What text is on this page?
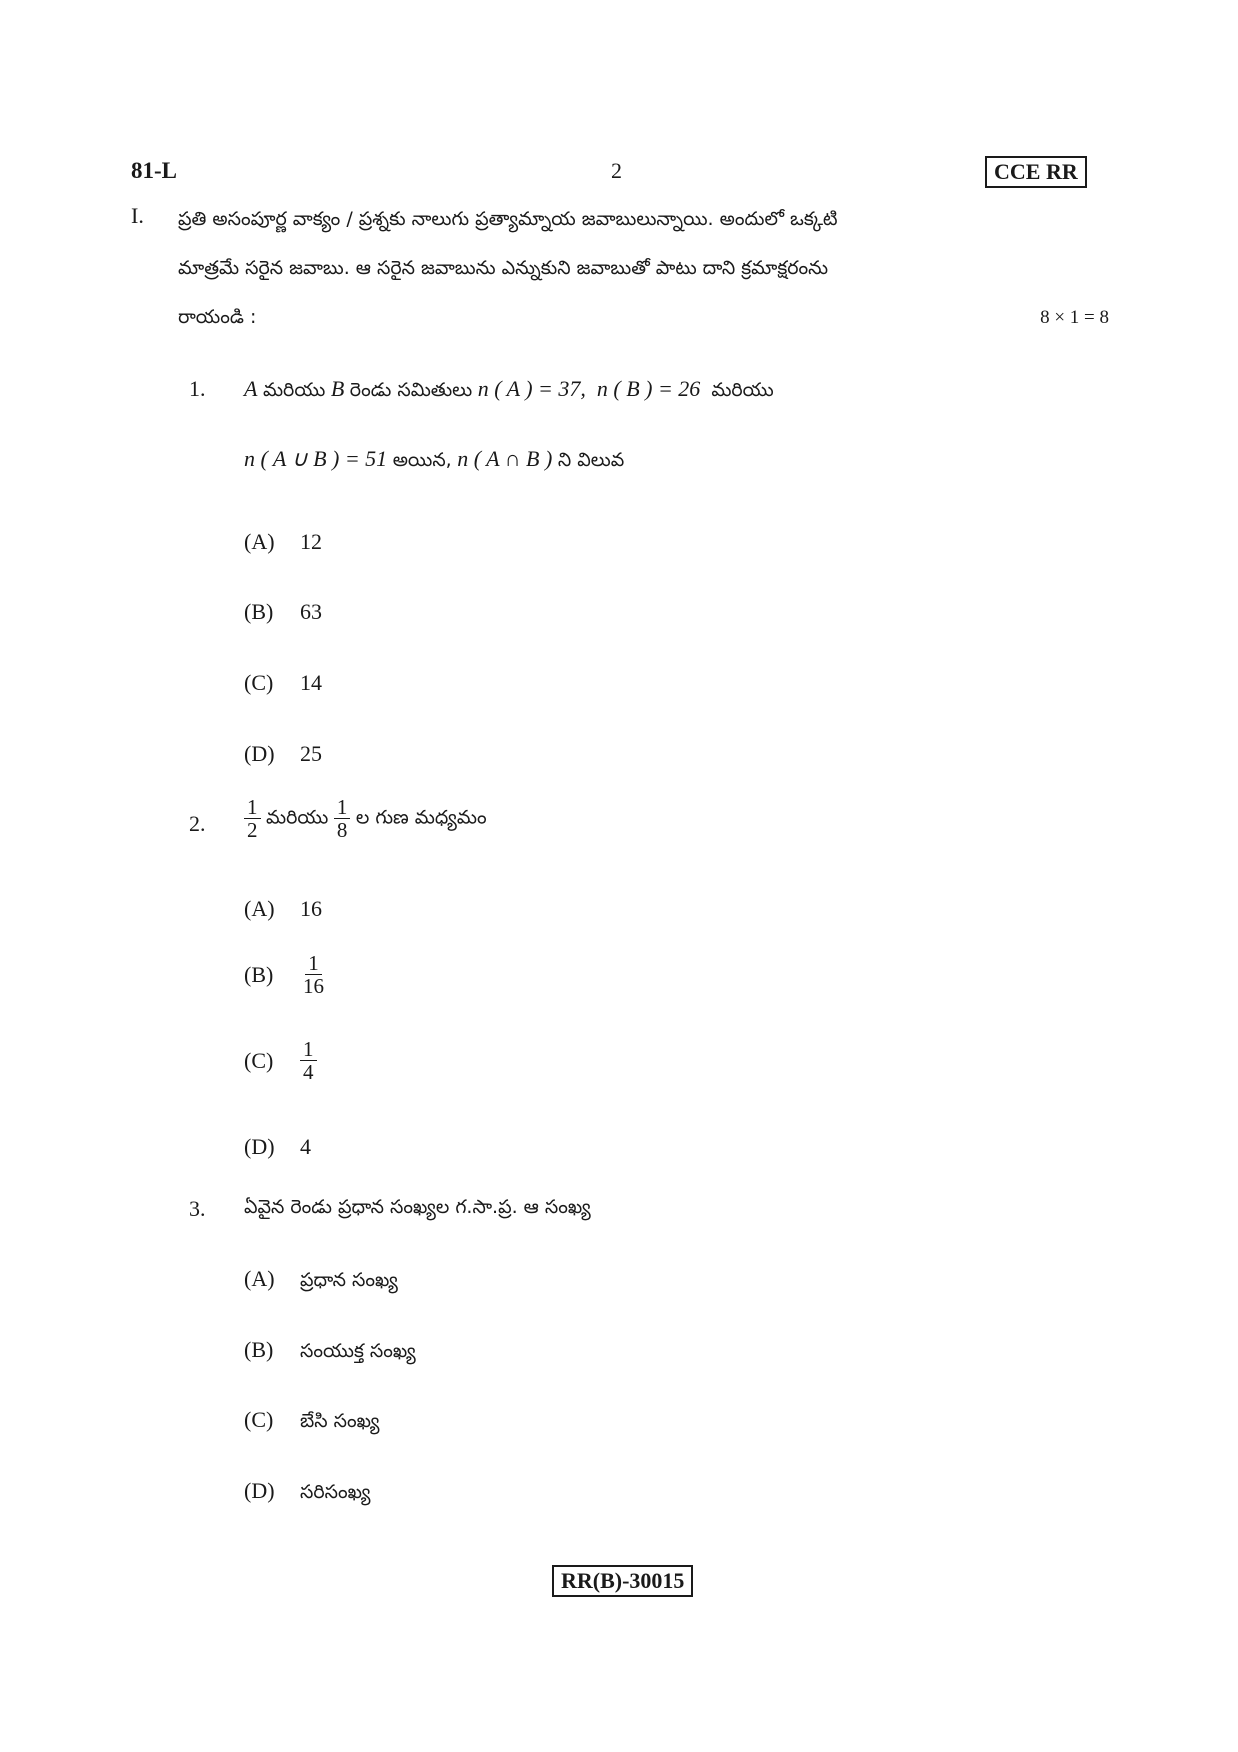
81-L	2	CCE RR
I. ప్రతి అసంపూర్ణ వాక్యం / ప్రశ్నకు నాలుగు ప్రత్యామ్నాయ జవాబులున్నాయి. అందులో ఒక్కటి
మాత్రమే సరైన జవాబు. ఆ సరైన జవాబును ఎన్నుకుని జవాబుతో పాటు దాని క్రమాక్షరంను
రాయండి :	8 × 1 = 8
1. A మరియు B రెండు సమితులు n ( A ) = 37, n ( B ) = 26 మరియు
n ( A ∪ B ) = 51 అయిన, n ( A ∩ B ) ని విలువ
(A) 12
(B) 63
(C) 14
(D) 25
2. $\frac{1}{2}$ మరియు $\frac{1}{8}$ ల గుణ మధ్యమం
(A) 16
$(B) \frac{1}{16}$
$(C) \frac{1}{4}$
(D) 4
3. ఏవైన రెండు ప్రధాన సంఖ్యల గ.సా.ప్ర. ఆ సంఖ్య
(A) ప్రధాన సంఖ్య
(B) సంయుక్త సంఖ్య
(C) బేసి సంఖ్య
(D) సరిసంఖ్య
RR(B)-30015
